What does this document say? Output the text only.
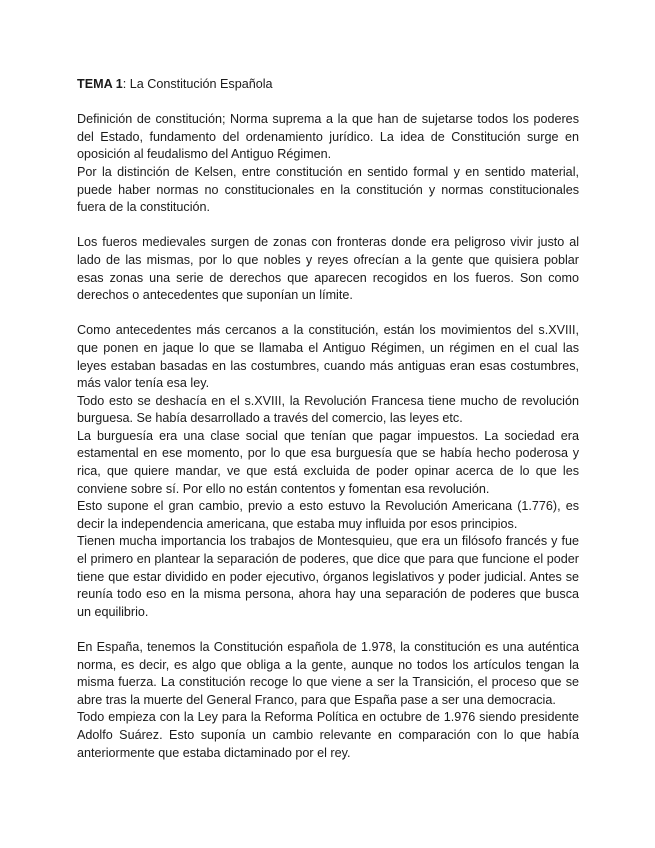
TEMA 1: La Constitución Española

Definición de constitución; Norma suprema a la que han de sujetarse todos los poderes del Estado, fundamento del ordenamiento jurídico. La idea de Constitución surge en oposición al feudalismo del Antiguo Régimen.

Por la distinción de Kelsen, entre constitución en sentido formal y en sentido material, puede haber normas no constitucionales en la constitución y normas constitucionales fuera de la constitución.

Los fueros medievales surgen de zonas con fronteras donde era peligroso vivir justo al lado de las mismas, por lo que nobles y reyes ofrecían a la gente que quisiera poblar esas zonas una serie de derechos que aparecen recogidos en los fueros. Son como derechos o antecedentes que suponían un límite.

Como antecedentes más cercanos a la constitución, están los movimientos del s.XVIII, que ponen en jaque lo que se llamaba el Antiguo Régimen, un régimen en el cual las leyes estaban basadas en las costumbres, cuando más antiguas eran esas costumbres, más valor tenía esa ley.

Todo esto se deshacía en el s.XVIII, la Revolución Francesa tiene mucho de revolución burguesa. Se había desarrollado a través del comercio, las leyes etc.

La burguesía era una clase social que tenían que pagar impuestos. La sociedad era estamental en ese momento, por lo que esa burguesía que se había hecho poderosa y rica, que quiere mandar, ve que está excluida de poder opinar acerca de lo que les conviene sobre sí. Por ello no están contentos y fomentan esa revolución.

Esto supone el gran cambio, previo a esto estuvo la Revolución Americana (1.776), es decir la independencia americana, que estaba muy influida por esos principios.

Tienen mucha importancia los trabajos de Montesquieu, que era un filósofo francés y fue el primero en plantear la separación de poderes, que dice que para que funcione el poder tiene que estar dividido en poder ejecutivo, órganos legislativos y poder judicial. Antes se reunía todo eso en la misma persona, ahora hay una separación de poderes que busca un equilibrio.

En España, tenemos la Constitución española de 1.978, la constitución es una auténtica norma, es decir, es algo que obliga a la gente, aunque no todos los artículos tengan la misma fuerza. La constitución recoge lo que viene a ser la Transición, el proceso que se abre tras la muerte del General Franco, para que España pase a ser una democracia.

Todo empieza con la Ley para la Reforma Política en octubre de 1.976 siendo presidente Adolfo Suárez. Esto suponía un cambio relevante en comparación con lo que había anteriormente que estaba dictaminado por el rey.
